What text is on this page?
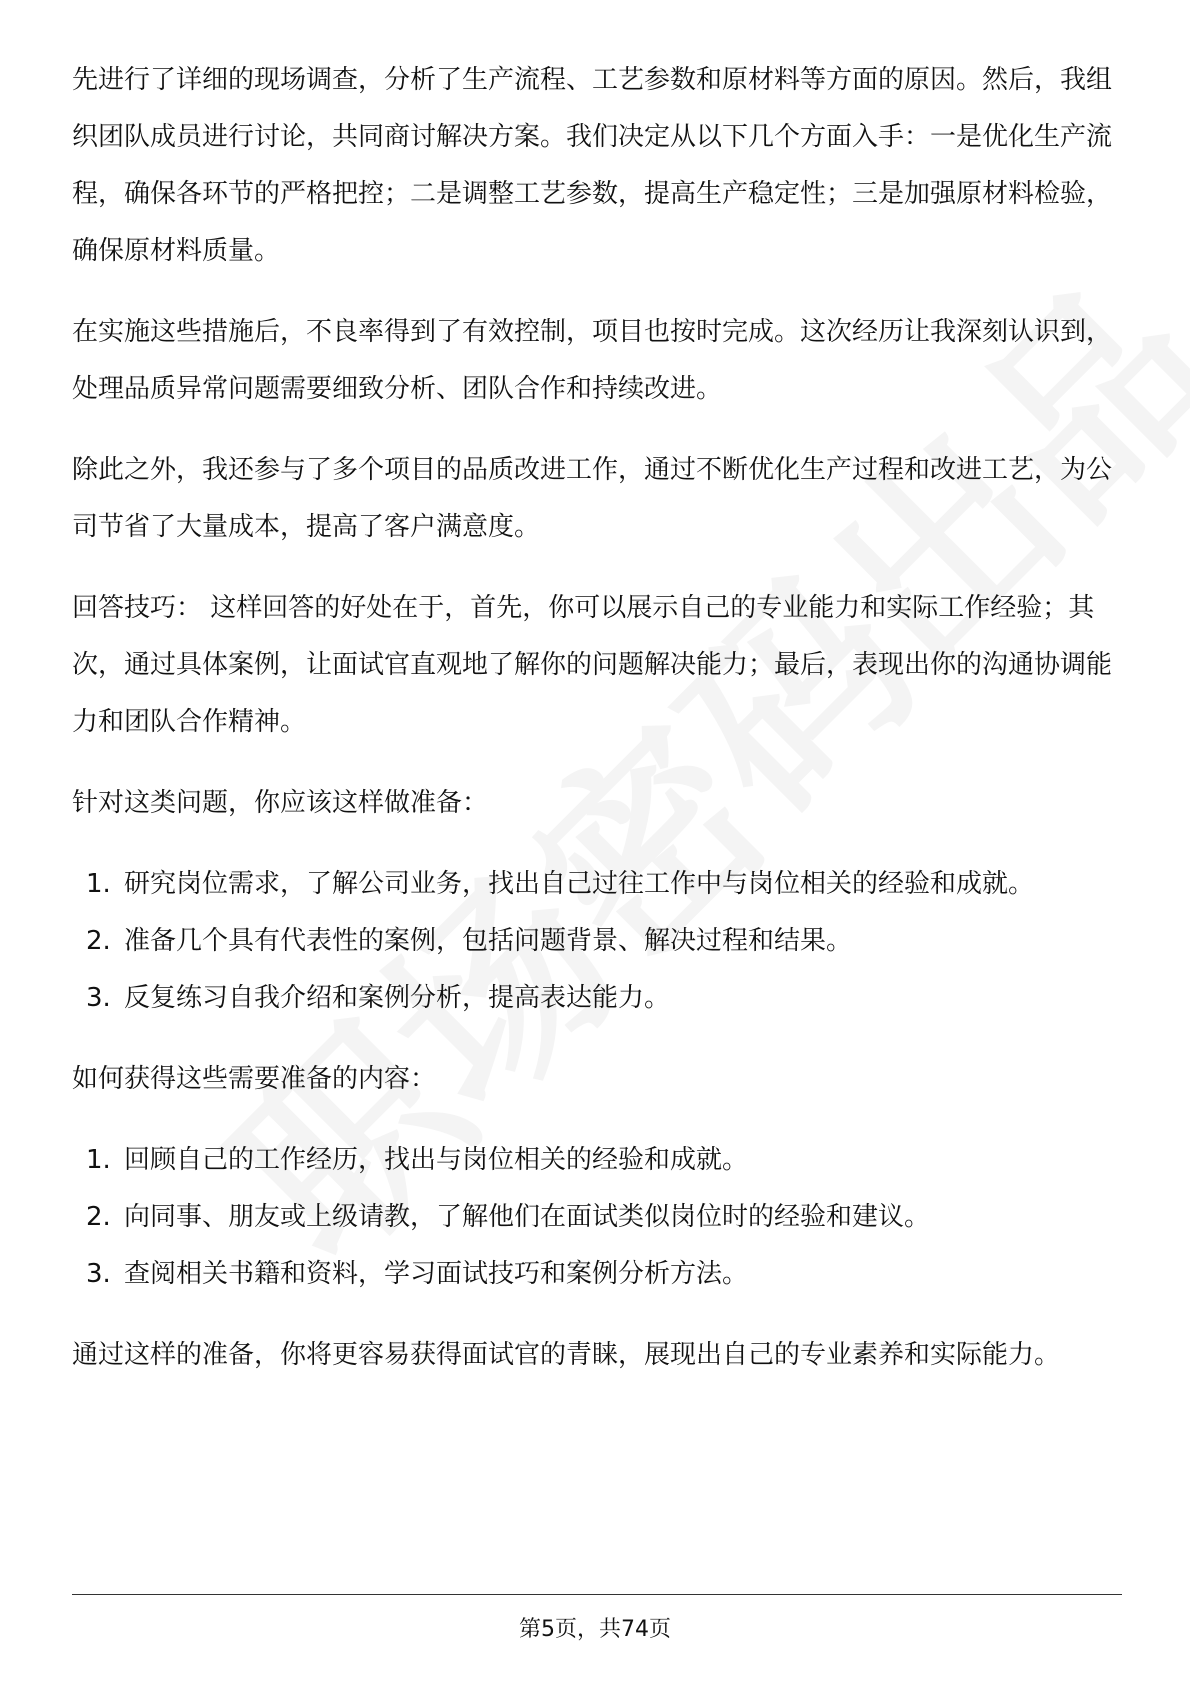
先进行了详细的现场调查，分析了生产流程、工艺参数和原材料等方面的原因。然后，我组织团队成员进行讨论，共同商讨解决方案。我们决定从以下几个方面入手：一是优化生产流程，确保各环节的严格把控；二是调整工艺参数，提高生产稳定性；三是加强原材料检验，确保原材料质量。

在实施这些措施后，不良率得到了有效控制，项目也按时完成。这次经历让我深刻认识到，处理品质异常问题需要细致分析、团队合作和持续改进。

除此之外，我还参与了多个项目的品质改进工作，通过不断优化生产过程和改进工艺，为公司节省了大量成本，提高了客户满意度。

回答技巧： 这样回答的好处在于，首先，你可以展示自己的专业能力和实际工作经验；其次，通过具体案例，让面试官直观地了解你的问题解决能力；最后，表现出你的沟通协调能力和团队合作精神。

针对这类问题，你应该这样做准备：

1. 研究岗位需求，了解公司业务，找出自己过往工作中与岗位相关的经验和成就。
2. 准备几个具有代表性的案例，包括问题背景、解决过程和结果。
3. 反复练习自我介绍和案例分析，提高表达能力。

如何获得这些需要准备的内容：

1. 回顾自己的工作经历，找出与岗位相关的经验和成就。
2. 向同事、朋友或上级请教，了解他们在面试类似岗位时的经验和建议。
3. 查阅相关书籍和资料，学习面试技巧和案例分析方法。

通过这样的准备，你将更容易获得面试官的青睐，展现出自己的专业素养和实际能力。

第5页，共74页
